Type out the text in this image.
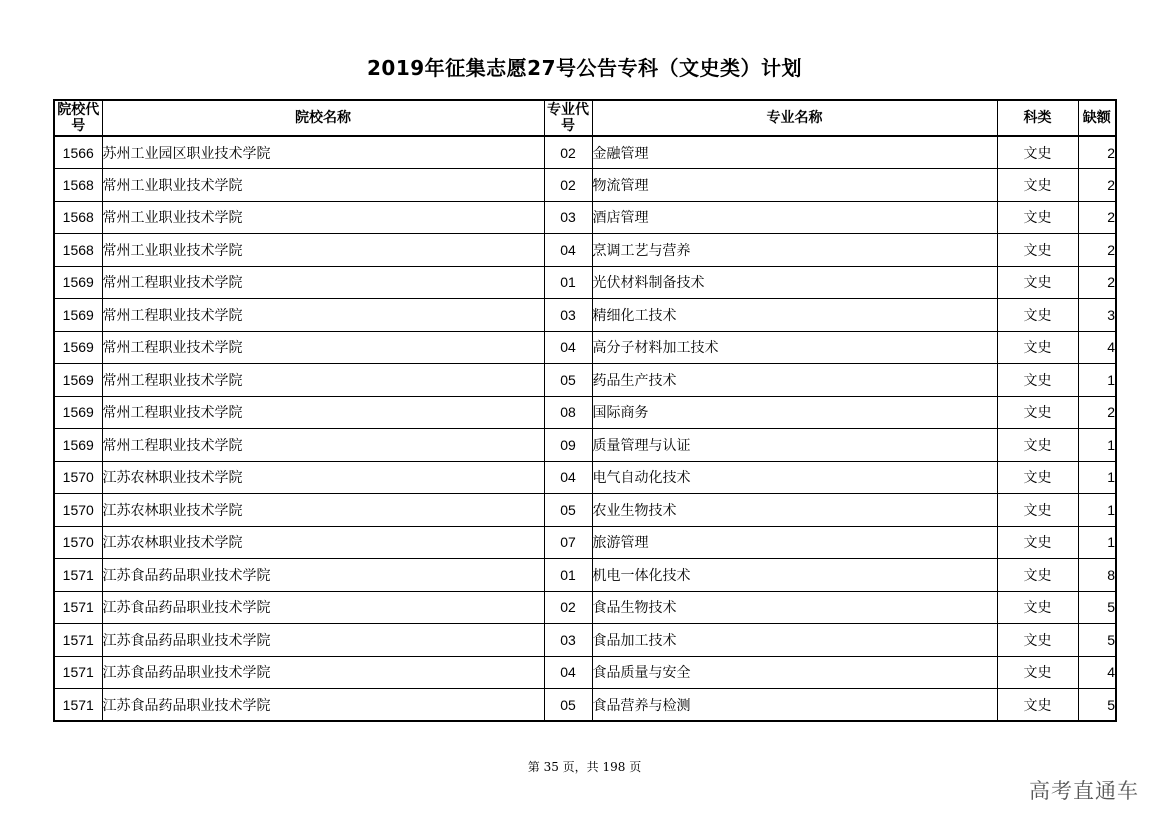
2019年征集志愿27号公告专科（文史类）计划
院校代号	院校名称	专业代号	专业名称	科类	缺额
1566	苏州工业园区职业技术学院	02	金融管理	文史	2
1568	常州工业职业技术学院	02	物流管理	文史	2
1568	常州工业职业技术学院	03	酒店管理	文史	2
1568	常州工业职业技术学院	04	烹调工艺与营养	文史	2
1569	常州工程职业技术学院	01	光伏材料制备技术	文史	2
1569	常州工程职业技术学院	03	精细化工技术	文史	3
1569	常州工程职业技术学院	04	高分子材料加工技术	文史	4
1569	常州工程职业技术学院	05	药品生产技术	文史	1
1569	常州工程职业技术学院	08	国际商务	文史	2
1569	常州工程职业技术学院	09	质量管理与认证	文史	1
1570	江苏农林职业技术学院	04	电气自动化技术	文史	1
1570	江苏农林职业技术学院	05	农业生物技术	文史	1
1570	江苏农林职业技术学院	07	旅游管理	文史	1
1571	江苏食品药品职业技术学院	01	机电一体化技术	文史	8
1571	江苏食品药品职业技术学院	02	食品生物技术	文史	5
1571	江苏食品药品职业技术学院	03	食品加工技术	文史	5
1571	江苏食品药品职业技术学院	04	食品质量与安全	文史	4
1571	江苏食品药品职业技术学院	05	食品营养与检测	文史	5
第 35 页，共 198 页
高考直通车
